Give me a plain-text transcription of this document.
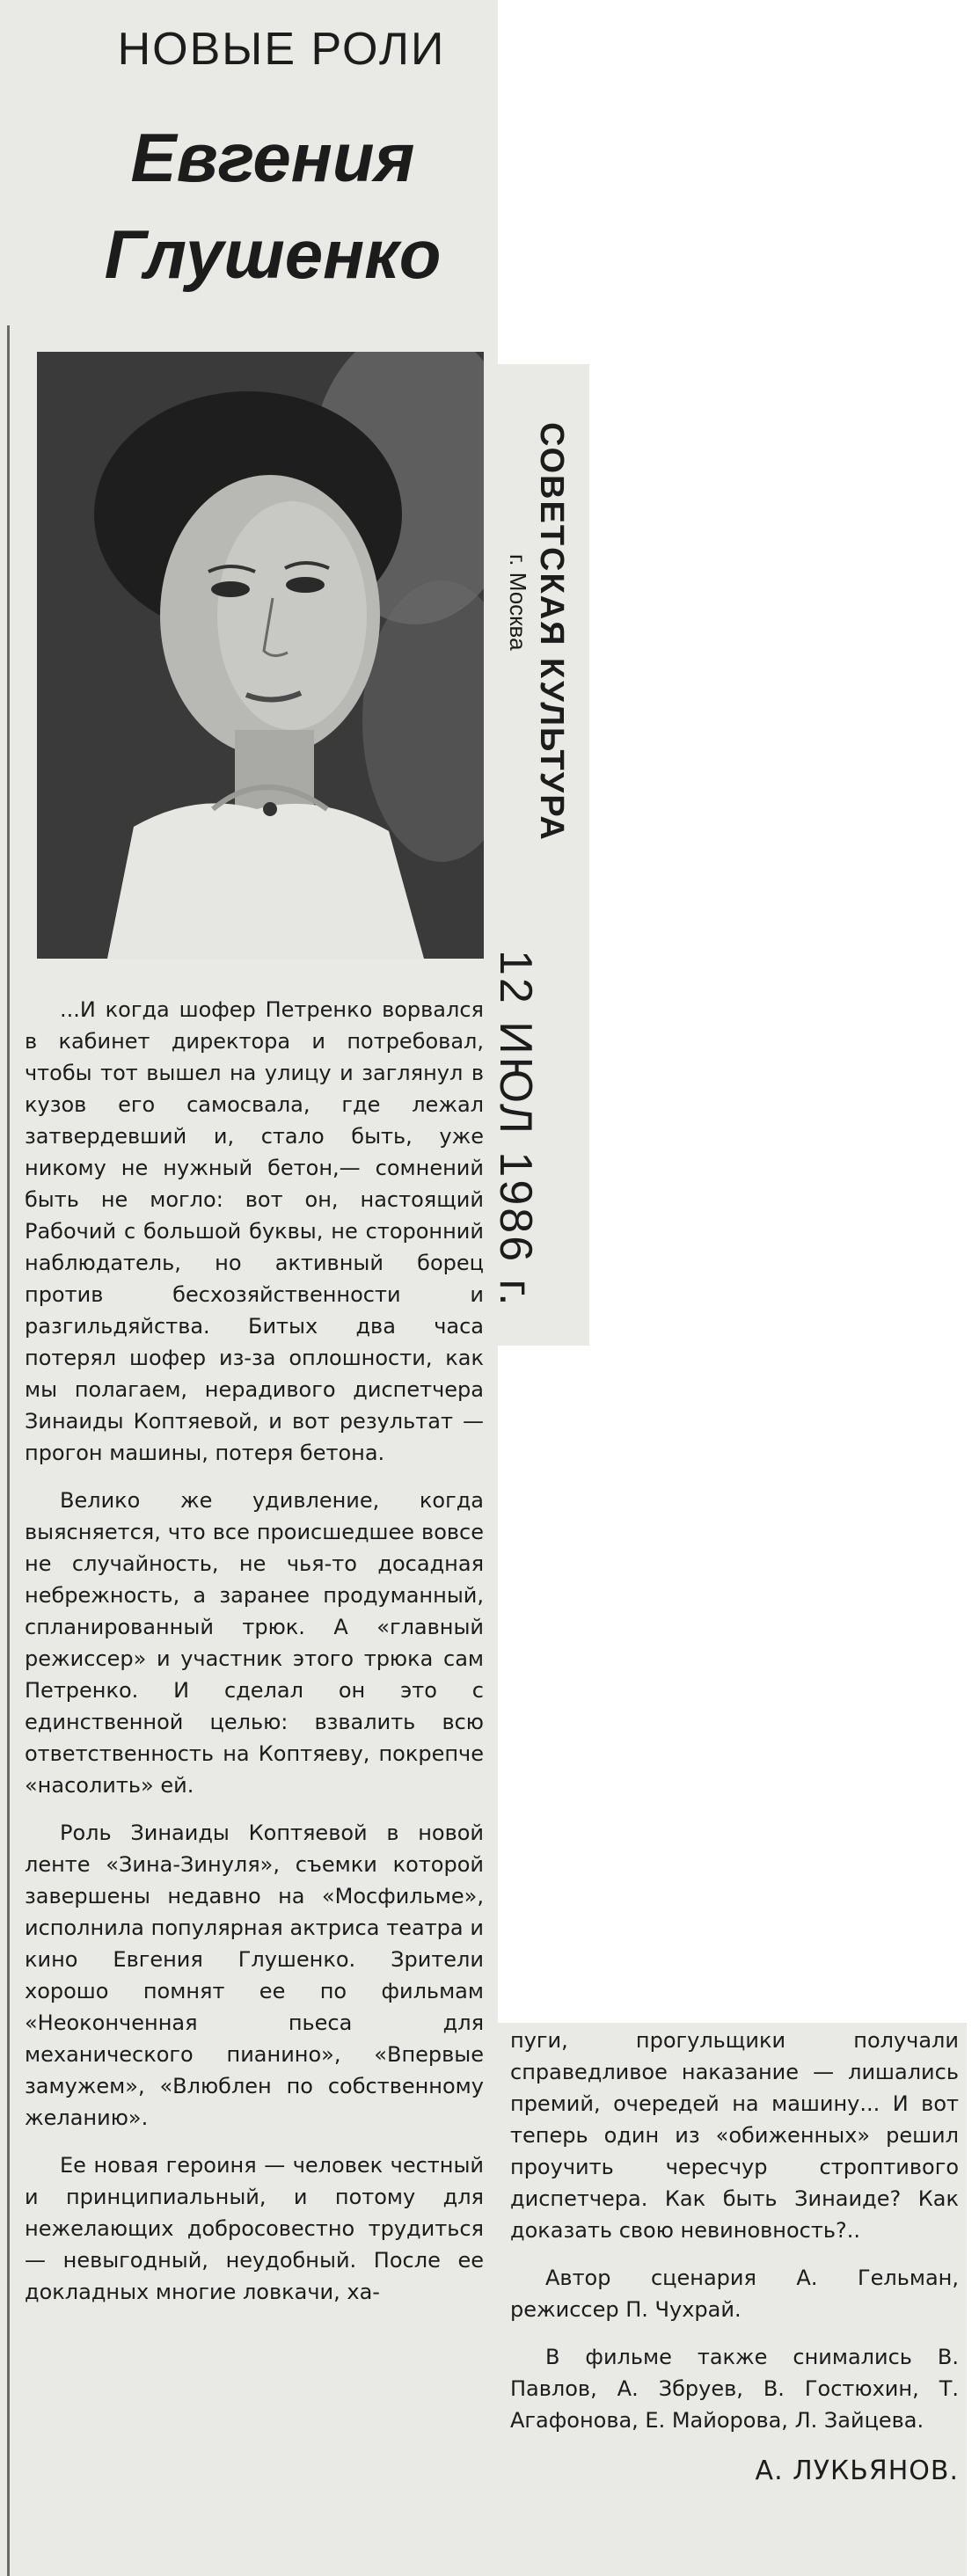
НОВЫЕ РОЛИ
Евгения
Глушенко
СОВЕТСКАЯ КУЛЬТУРА
г. Москва
12 ИЮЛ 1986 г.

...И когда шофер Петренко ворвался в кабинет директора и потребовал, чтобы тот вышел на улицу и заглянул в кузов его самосвала, где лежал затвердевший и, стало быть, уже никому не нужный бетон,— сомнений быть не могло: вот он, настоящий Рабочий с большой буквы, не сторонний наблюдатель, но активный борец против бесхозяйственности и разгильдяйства. Битых два часа потерял шофер из-за оплошности, как мы полагаем, нерадивого диспетчера Зинаиды Коптяевой, и вот результат — прогон машины, потеря бетона.

Велико же удивление, когда выясняется, что все происшедшее вовсе не случайность, не чья-то досадная небрежность, а заранее продуманный, спланированный трюк. А «главный режиссер» и участник этого трюка сам Петренко. И сделал он это с единственной целью: взвалить всю ответственность на Коптяеву, покрепче «насолить» ей.

Роль Зинаиды Коптяевой в новой ленте «Зина-Зинуля», съемки которой завершены недавно на «Мосфильме», исполнила популярная актриса театра и кино Евгения Глушенко. Зрители хорошо помнят ее по фильмам «Неоконченная пьеса для механического пианино», «Впервые замужем», «Влюблен по собственному желанию».

Ее новая героиня — человек честный и принципиальный, и потому для нежелающих добросовестно трудиться — невыгодный, неудобный. После ее докладных многие ловкачи, ха-

пуги, прогульщики получали справедливое наказание — лишались премий, очередей на машину... И вот теперь один из «обиженных» решил проучить чересчур строптивого диспетчера. Как быть Зинаиде? Как доказать свою невиновность?..

Автор сценария А. Гельман, режиссер П. Чухрай.

В фильме также снимались В. Павлов, А. Збруев, В. Гостюхин, Т. Агафонова, Е. Майорова, Л. Зайцева.

А. ЛУКЬЯНОВ.
